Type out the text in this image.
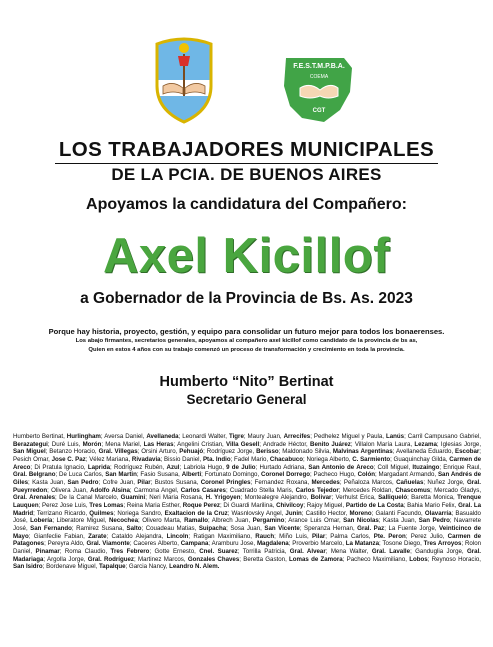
F.E.S.T.M.P.B.A.
COEMA
CGT
LOS TRABAJADORES MUNICIPALES
DE LA PCIA. DE BUENOS AIRES
Apoyamos la candidatura del Compañero:
Axel Kicillof
a Gobernador de la Provincia de Bs. As. 2023
Porque hay historia, proyecto, gestión, y equipo para consolidar un futuro mejor para todos los bonaerenses.
Los abajo firmantes, secretarios generales, apoyamos al compañero axel kicillof como candidato de la provincia de bs as,
Quien en estos 4 años con su trabajo comenzó un proceso de transformación y crecimiento en toda la provincia.
Humberto “Nito” Bertinat
Secretario General
Humberto Bertinat, Hurlingham; Aversa Daniel, Avellaneda; Leonardi Walter, Tigre; Maury Juan, Arrecifes; Pedhelez Miguel y Paula, Lanús; Carril Campusano Gabriel, Berazategui; Duré Luis, Morón; Mena Mariel, Las Heras; Angelini Cristian, Villa Gesell; Andrade Héctor, Benito Juárez; Villalon María Laura, Lezama; Iglesias Jorge, San Miguel; Betanzo Horacio, Gral. Villegas; Orsini Arturo, Pehuajó; Rodríguez Jorge, Berisso; Maldonado Silvia, Malvinas Argentinas; Avellaneda Eduardo, Escobar; Pesich Omar, Jose C. Paz; Vélez Mariana, Rivadavia; Bissio Daniel, Pta. Indio; Fadel Mario, Chacabuco; Noriega Alberto, C. Sarmiento; Guaquinchay Gilda, Carmen de Areco; Di Pratula Ignacio, Laprida; Rodríguez Rubén, Azul; Labriola Hugo, 9 de Julio; Hurtado Adriana, San Antonio de Areco; Coll Miguel, Ituzaingo; Enrique Raul, Gral. Belgrano; De Luca Carlos, San Martin; Fasio Susana, Alberti; Fortunato Domingo, Coronel Dorrego; Pacheco Hugo, Colón; Margadant Armando, San Andrés de Giles; Kasta Juan, San Pedro; Cofre Juan, Pilar; Bustos Susana, Coronel Pringles; Fernandez Roxana, Mercedes; Peñaloza Marcos, Cañuelas; Nuñez Jorge, Gral. Pueyrredon; Olivera Juan, Adolfo Alsina; Carmona Angel, Carlos Casares; Cuadrado Stella Maris, Carlos Tejedor; Mercedes Roldan, Chascomus; Mercado Gladys, Gral. Arenales; De la Canal Marcelo, Guamini; Neri Maria Rosana, H. Yrigoyen; Montealegre Alejandro, Bolivar; Verhulst Erica, Salliqueló; Baretta Monica, Trenque Lauquen; Perez Jose Luis, Tres Lomas; Reina Maria Esther, Roque Perez; Di Guardi Marilina, Chivilcoy; Rajoy Miguel, Partido de La Costa; Bahia Mario Felix, Gral. La Madrid; Terrizano Ricardo, Quilmes; Noriega Sandro, Exaltacion de la Cruz; Wasnlovsky Angel, Junin; Castillo Hector, Moreno; Galanti Facundo, Olavarría; Basualdo José, Lobería; Liberatore Miguel, Necochea; Olivero Marta, Ramallo; Albrech Juan, Pergamino; Arance Luis Omar, San Nicolas; Kasta Juan, San Pedro; Navarrete José, San Fernando; Ramirez Susana, Salto; Couadeau Matias, Suipacha; Sosa Juan, San Vicente; Speranza Hernan, Gral. Paz; La Fuente Jorge, Veinticinco de Mayo; Gianfeclie Fabian, Zarate; Cataldo Alejandra, Lincoln; Ratigan Maximiliano, Rauch; Miño Luis, Pilar; Palma Carlos, Pte. Peron; Perez Julio, Carmen de Patagones; Pereyra Aldo, Gral. Viamonte; Caceres Alberto, Campana; Aramburu Jose, Magdalena; Proverbio Marcelo, La Matanza; Tosone Diego, Tres Arroyos; Rolon Daniel, Pinamar; Roma Claudio, Tres Febrero; Gotte Ernesto, Cnel. Suarez; Torrilla Patricia, Gral. Alvear; Mena Walter, Gral. Lavalle; Ganduglia Jorge, Gral. Madariaga; Argolla Jorge, Gral. Rodríguez; Martinez Marcos, Gonzales Chaves; Beretta Gaston, Lomas de Zamora; Pacheco Maximiliano, Lobos; Reynoso Horacio, San Isidro; Bordenave Miguel, Tapalque; Garcia Nancy, Leandro N. Alem.
